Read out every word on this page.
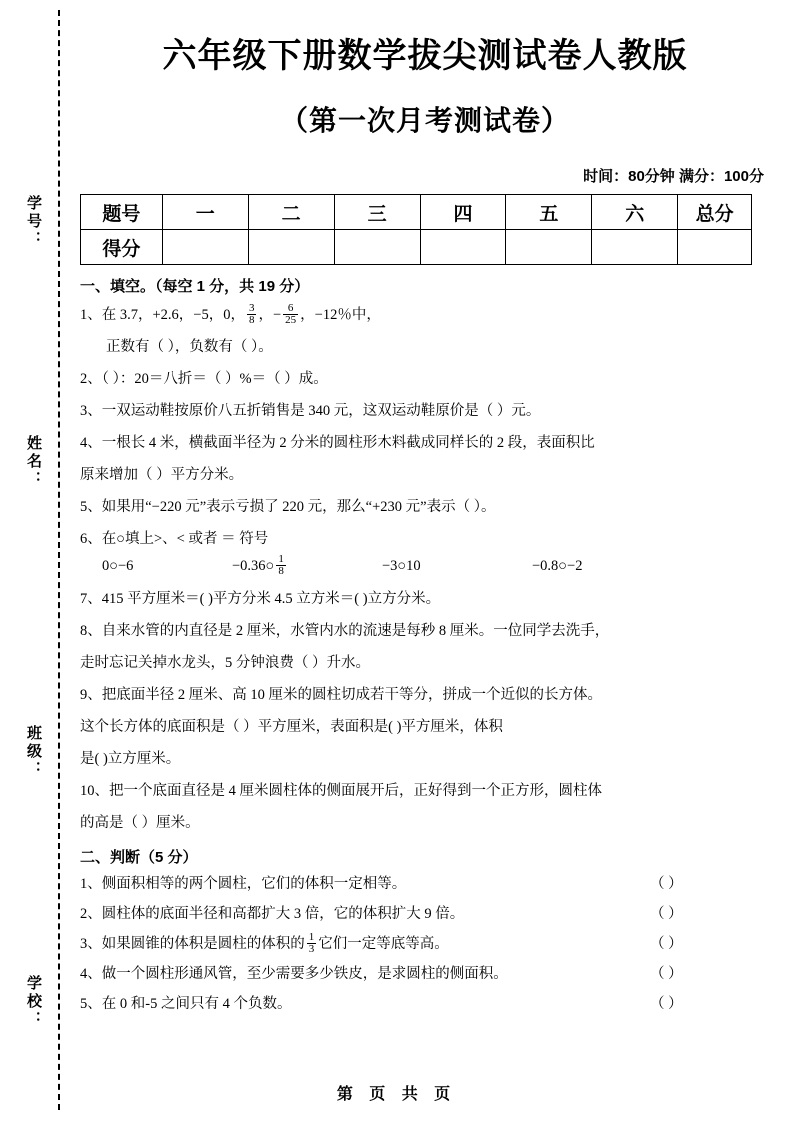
学号：
姓名：
班级：
学校：
六年级下册数学拔尖测试卷人教版
（第一次月考测试卷）
时间：80分钟 满分：100分
题号	一	二	三	四	五	六	总分
得分							
一、填空。（每空 1 分，共 19 分）
1、在 3.7，+2.6，−5，0， $\frac{3}{8}$ ，− $\frac{6}{25}$ ，−12％中，
正数有（ ），负数有（ ）。
2、（ ）：20＝八折＝（ ）%＝（ ）成。
3、一双运动鞋按原价八五折销售是 340 元，这双运动鞋原价是（ ）元。
4、一根长 4 米，横截面半径为 2 分米的圆柱形木料截成同样长的 2 段，表面积比
原来增加（ ）平方分米。
5、如果用“−220 元”表示亏损了 220 元，那么“+230 元”表示（ ）。
6、在○填上>、< 或者 ＝ 符号
0○−6	−0.36○ $\frac{1}{8}$	−3○10	−0.8○−2
7、415 平方厘米＝( )平方分米 4.5 立方米＝( )立方分米。
8、自来水管的内直径是 2 厘米，水管内水的流速是每秒 8 厘米。一位同学去洗手，
走时忘记关掉水龙头，5 分钟浪费（ ）升水。
9、把底面半径 2 厘米、高 10 厘米的圆柱切成若干等分，拼成一个近似的长方体。
这个长方体的底面积是（ ）平方厘米，表面积是( )平方厘米，体积
是( )立方厘米。
10、把一个底面直径是 4 厘米圆柱体的侧面展开后，正好得到一个正方形，圆柱体
的高是（ ）厘米。
二、判断（5 分）
1、侧面积相等的两个圆柱，它们的体积一定相等。	（ ）
2、圆柱体的底面半径和高都扩大 3 倍，它的体积扩大 9 倍。	（ ）
3、如果圆锥的体积是圆柱的体积的 $\frac{1}{3}$ 它们一定等底等高。	（ ）
4、做一个圆柱形通风管，至少需要多少铁皮，是求圆柱的侧面积。	（ ）
5、在 0 和-5 之间只有 4 个负数。	（ ）
第 页 共 页
